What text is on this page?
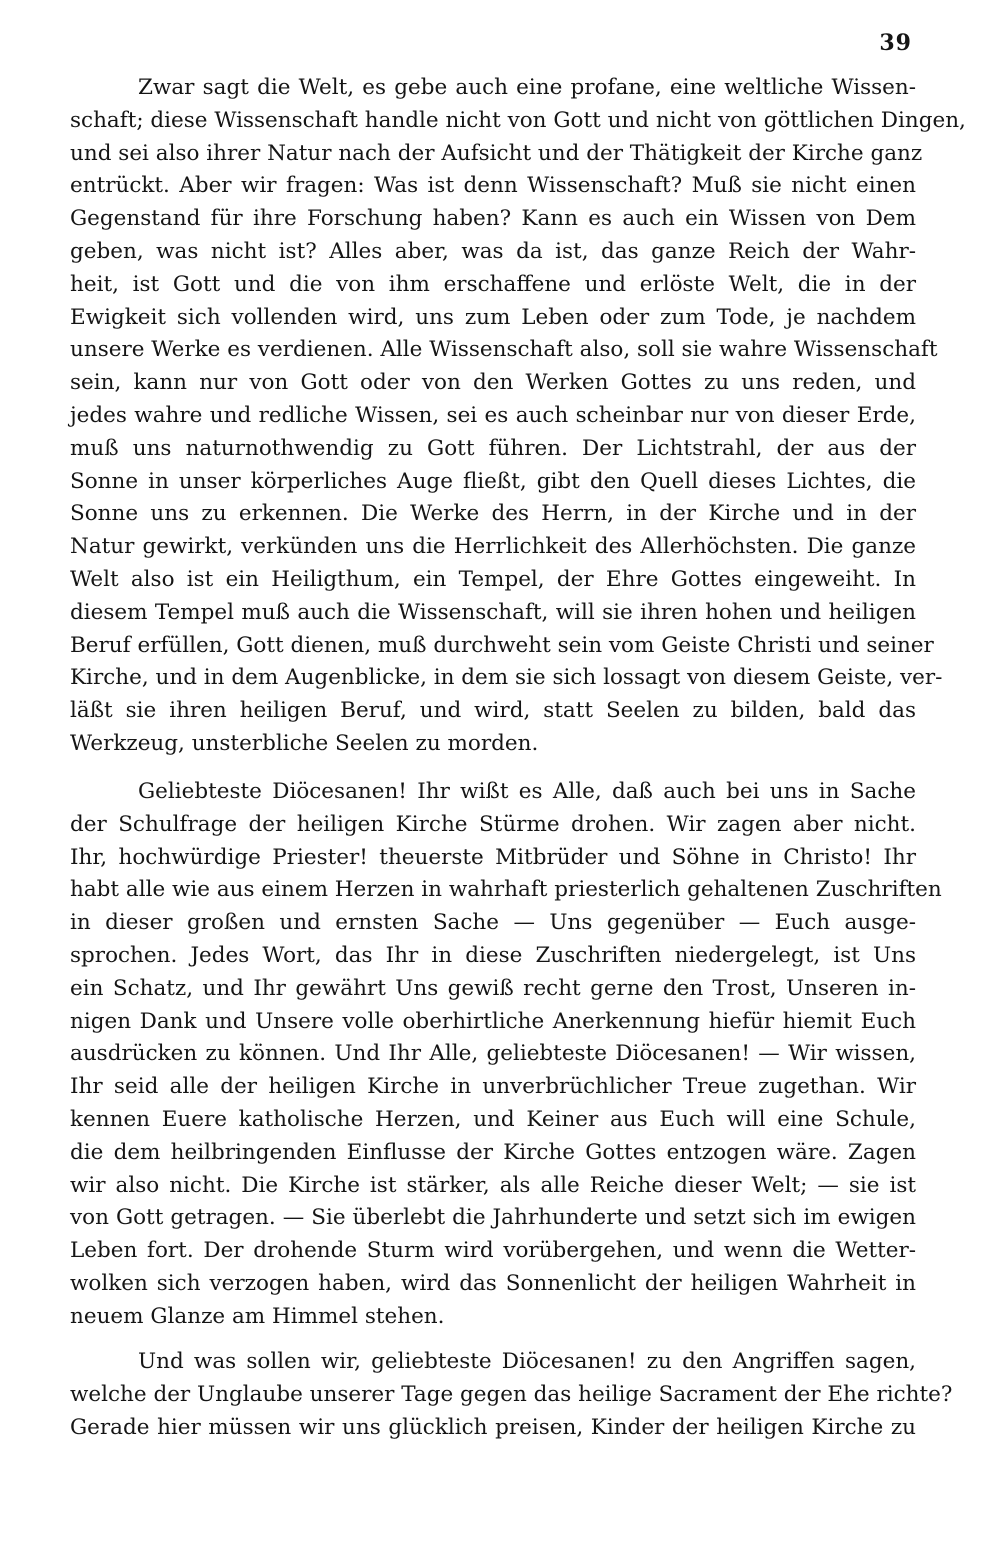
39
Zwar sagt die Welt, es gebe auch eine profane, eine weltliche Wissen-
schaft; diese Wissenschaft handle nicht von Gott und nicht von göttlichen Dingen,
und sei also ihrer Natur nach der Aufsicht und der Thätigkeit der Kirche ganz
entrückt. Aber wir fragen: Was ist denn Wissenschaft? Muß sie nicht einen
Gegenstand für ihre Forschung haben? Kann es auch ein Wissen von Dem
geben, was nicht ist? Alles aber, was da ist, das ganze Reich der Wahr-
heit, ist Gott und die von ihm erschaffene und erlöste Welt, die in der
Ewigkeit sich vollenden wird, uns zum Leben oder zum Tode, je nachdem
unsere Werke es verdienen. Alle Wissenschaft also, soll sie wahre Wissenschaft
sein, kann nur von Gott oder von den Werken Gottes zu uns reden, und
jedes wahre und redliche Wissen, sei es auch scheinbar nur von dieser Erde,
muß uns naturnothwendig zu Gott führen. Der Lichtstrahl, der aus der
Sonne in unser körperliches Auge fließt, gibt den Quell dieses Lichtes, die
Sonne uns zu erkennen. Die Werke des Herrn, in der Kirche und in der
Natur gewirkt, verkünden uns die Herrlichkeit des Allerhöchsten. Die ganze
Welt also ist ein Heiligthum, ein Tempel, der Ehre Gottes eingeweiht. In
diesem Tempel muß auch die Wissenschaft, will sie ihren hohen und heiligen
Beruf erfüllen, Gott dienen, muß durchweht sein vom Geiste Christi und seiner
Kirche, und in dem Augenblicke, in dem sie sich lossagt von diesem Geiste, ver-
läßt sie ihren heiligen Beruf, und wird, statt Seelen zu bilden, bald das
Werkzeug, unsterbliche Seelen zu morden.
Geliebteste Diöcesanen! Ihr wißt es Alle, daß auch bei uns in Sache
der Schulfrage der heiligen Kirche Stürme drohen. Wir zagen aber nicht.
Ihr, hochwürdige Priester! theuerste Mitbrüder und Söhne in Christo! Ihr
habt alle wie aus einem Herzen in wahrhaft priesterlich gehaltenen Zuschriften
in dieser großen und ernsten Sache — Uns gegenüber — Euch ausge-
sprochen. Jedes Wort, das Ihr in diese Zuschriften niedergelegt, ist Uns
ein Schatz, und Ihr gewährt Uns gewiß recht gerne den Trost, Unseren in-
nigen Dank und Unsere volle oberhirtliche Anerkennung hiefür hiemit Euch
ausdrücken zu können. Und Ihr Alle, geliebteste Diöcesanen! — Wir wissen,
Ihr seid alle der heiligen Kirche in unverbrüchlicher Treue zugethan. Wir
kennen Euere katholische Herzen, und Keiner aus Euch will eine Schule,
die dem heilbringenden Einflusse der Kirche Gottes entzogen wäre. Zagen
wir also nicht. Die Kirche ist stärker, als alle Reiche dieser Welt; — sie ist
von Gott getragen. — Sie überlebt die Jahrhunderte und setzt sich im ewigen
Leben fort. Der drohende Sturm wird vorübergehen, und wenn die Wetter-
wolken sich verzogen haben, wird das Sonnenlicht der heiligen Wahrheit in
neuem Glanze am Himmel stehen.
Und was sollen wir, geliebteste Diöcesanen! zu den Angriffen sagen,
welche der Unglaube unserer Tage gegen das heilige Sacrament der Ehe richte?
Gerade hier müssen wir uns glücklich preisen, Kinder der heiligen Kirche zu
